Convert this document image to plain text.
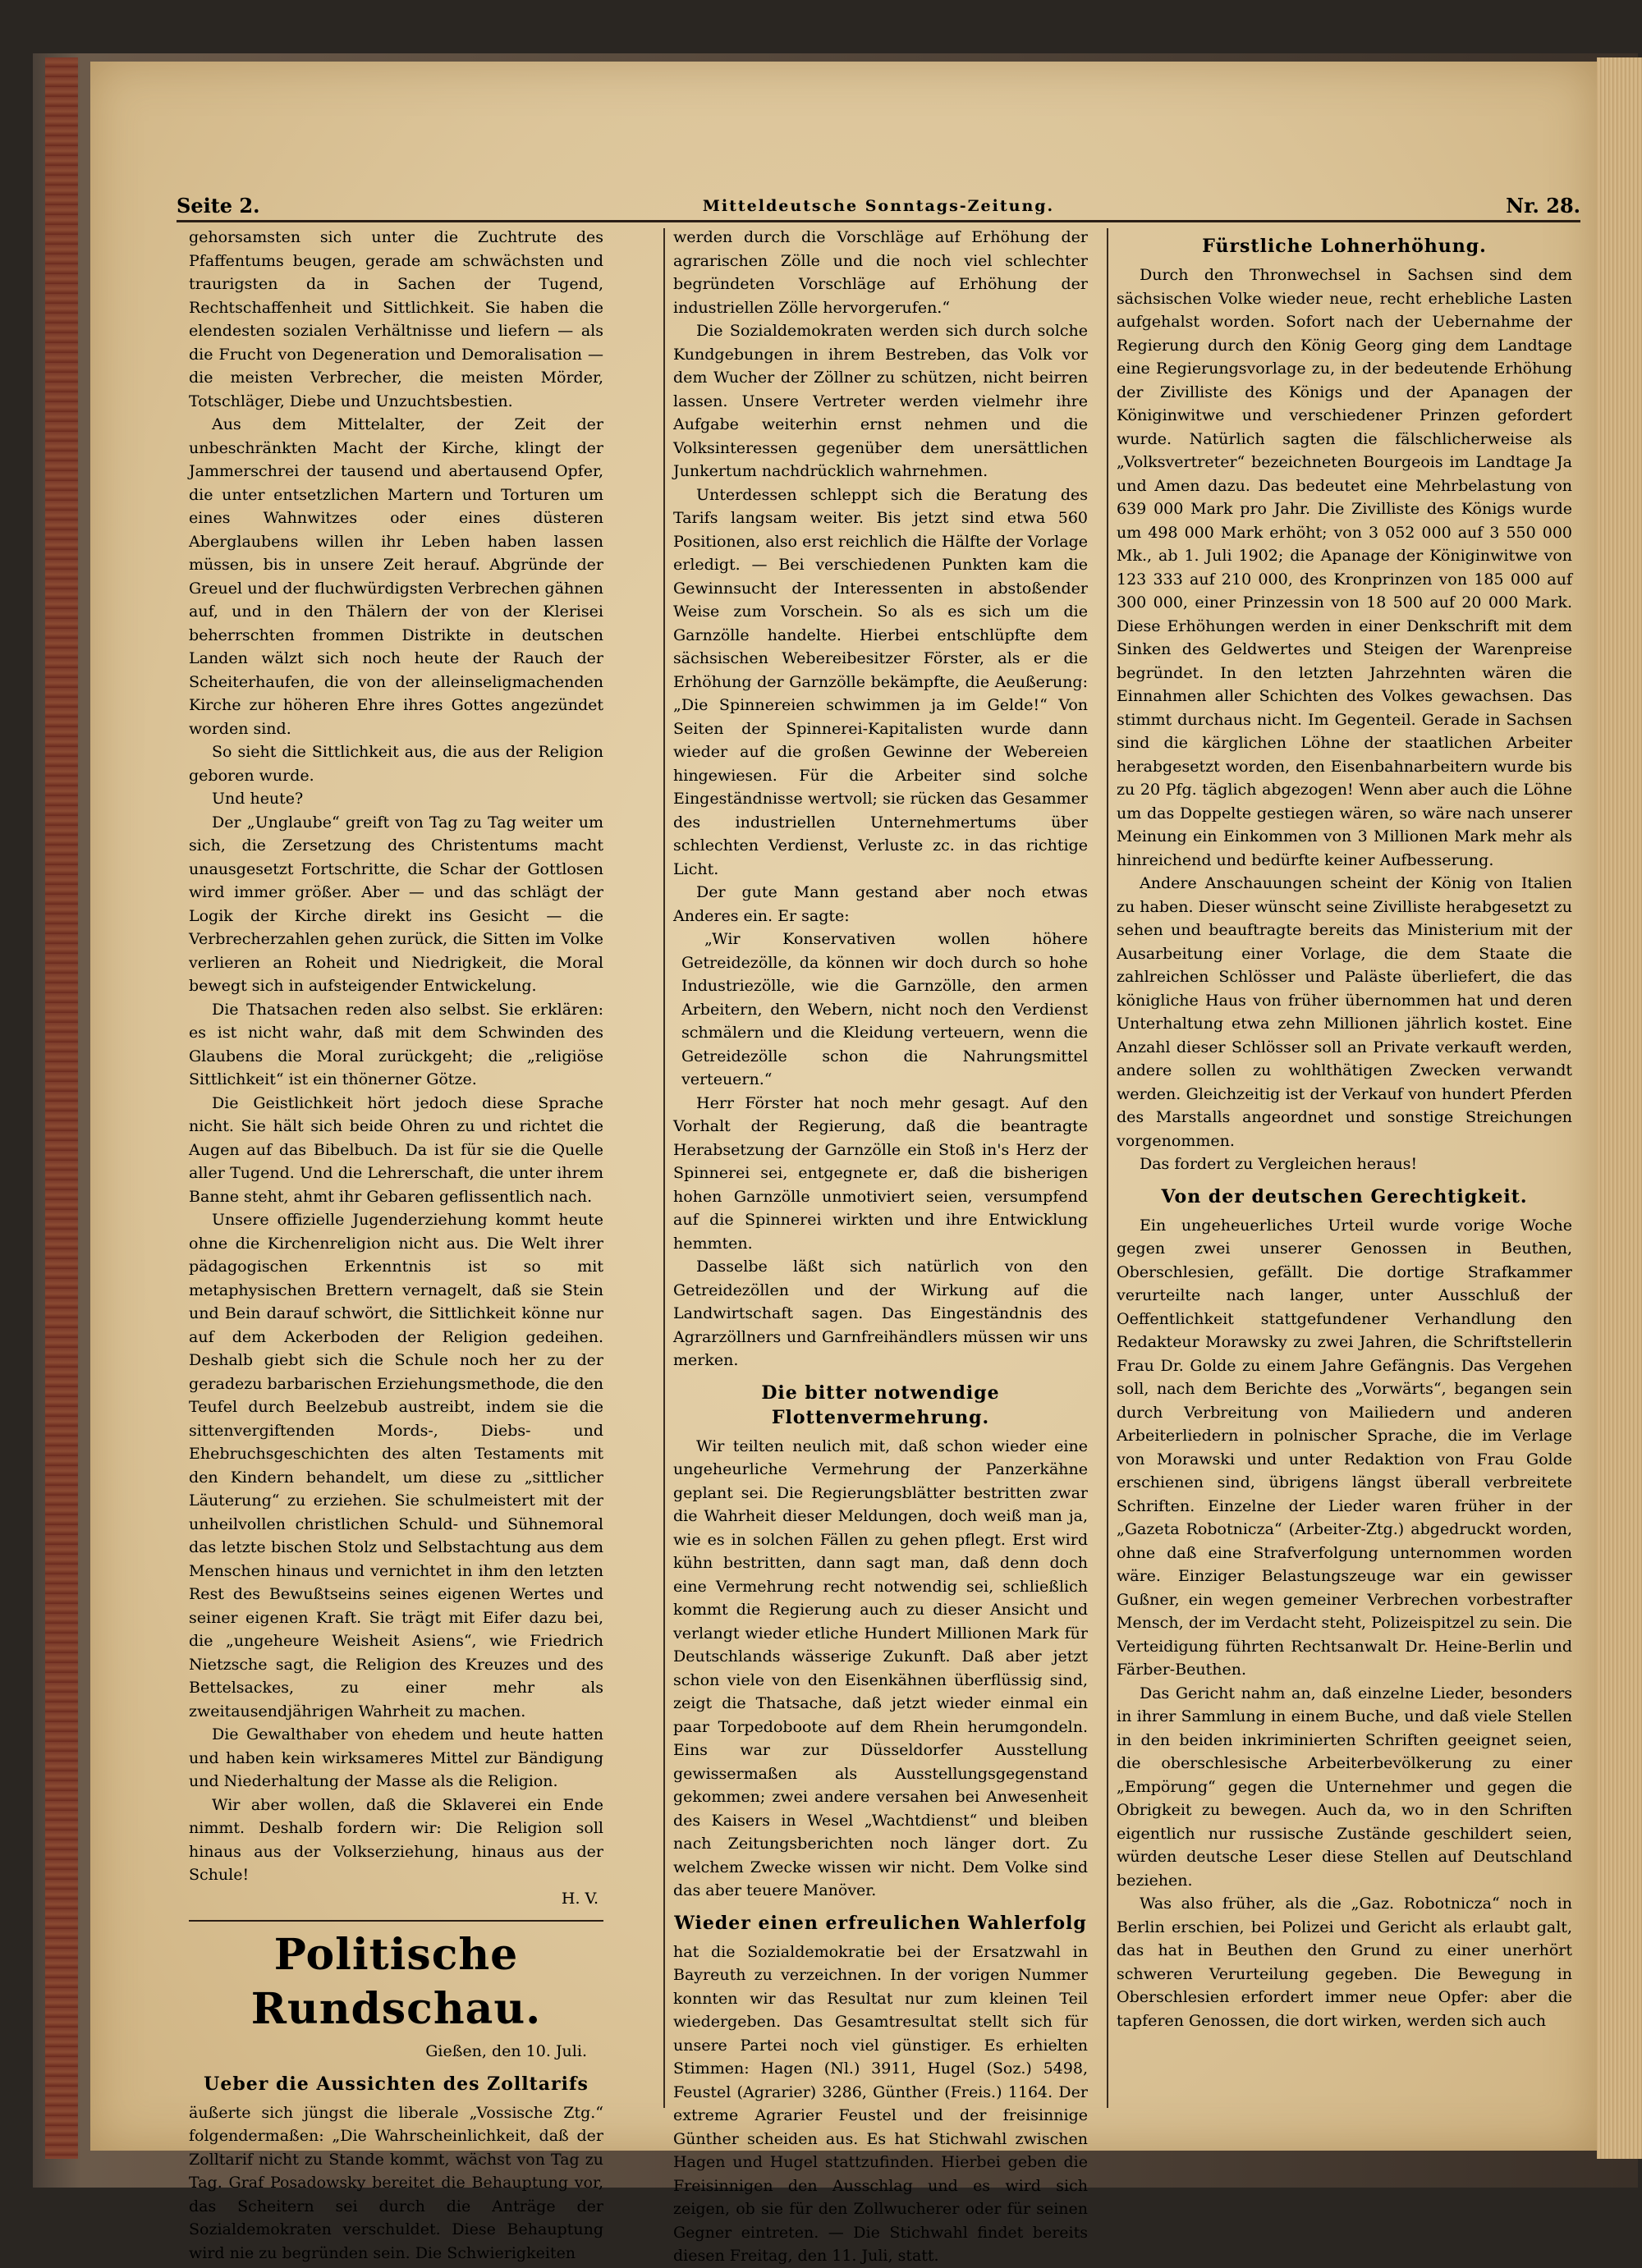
Seite 2.	Mitteldeutsche Sonntags-Zeitung.	Nr. 28.

gehorsamsten sich unter die Zuchtrute des Pfaffentums beugen, gerade am schwächsten und traurigsten da in Sachen der Tugend, Rechtschaffenheit und Sittlichkeit. Sie haben die elendesten sozialen Verhältnisse und liefern — als die Frucht von Degeneration und Demoralisation — die meisten Verbrecher, die meisten Mörder, Totschläger, Diebe und Unzuchtsbestien.

Aus dem Mittelalter, der Zeit der unbeschränkten Macht der Kirche, klingt der Jammerschrei der tausend und abertausend Opfer, die unter entsetzlichen Martern und Torturen um eines Wahnwitzes oder eines düsteren Aberglaubens willen ihr Leben haben lassen müssen, bis in unsere Zeit herauf. Abgründe der Greuel und der fluchwürdigsten Verbrechen gähnen auf, und in den Thälern der von der Klerisei beherrschten frommen Distrikte in deutschen Landen wälzt sich noch heute der Rauch der Scheiterhaufen, die von der alleinseligmachenden Kirche zur höheren Ehre ihres Gottes angezündet worden sind.

So sieht die Sittlichkeit aus, die aus der Religion geboren wurde.

Und heute?

Der „Unglaube“ greift von Tag zu Tag weiter um sich, die Zersetzung des Christentums macht unausgesetzt Fortschritte, die Schar der Gottlosen wird immer größer. Aber — und das schlägt der Logik der Kirche direkt ins Gesicht — die Verbrecherzahlen gehen zurück, die Sitten im Volke verlieren an Roheit und Niedrigkeit, die Moral bewegt sich in aufsteigender Entwickelung.

Die Thatsachen reden also selbst. Sie erklären: es ist nicht wahr, daß mit dem Schwinden des Glaubens die Moral zurückgeht; die „religiöse Sittlichkeit“ ist ein thönerner Götze.

Die Geistlichkeit hört jedoch diese Sprache nicht. Sie hält sich beide Ohren zu und richtet die Augen auf das Bibelbuch. Da ist für sie die Quelle aller Tugend. Und die Lehrerschaft, die unter ihrem Banne steht, ahmt ihr Gebaren geflissentlich nach.

Unsere offizielle Jugenderziehung kommt heute ohne die Kirchenreligion nicht aus. Die Welt ihrer pädagogischen Erkenntnis ist so mit metaphysischen Brettern vernagelt, daß sie Stein und Bein darauf schwört, die Sittlichkeit könne nur auf dem Ackerboden der Religion gedeihen. Deshalb giebt sich die Schule noch her zu der geradezu barbarischen Erziehungsmethode, die den Teufel durch Beelzebub austreibt, indem sie die sittenvergiftenden Mords-, Diebs- und Ehebruchsgeschichten des alten Testaments mit den Kindern behandelt, um diese zu „sittlicher Läuterung“ zu erziehen. Sie schulmeistert mit der unheilvollen christlichen Schuld- und Sühnemoral das letzte bischen Stolz und Selbstachtung aus dem Menschen hinaus und vernichtet in ihm den letzten Rest des Bewußtseins seines eigenen Wertes und seiner eigenen Kraft. Sie trägt mit Eifer dazu bei, die „ungeheure Weisheit Asiens“, wie Friedrich Nietzsche sagt, die Religion des Kreuzes und des Bettelsackes, zu einer mehr als zweitausendjährigen Wahrheit zu machen.

Die Gewalthaber von ehedem und heute hatten und haben kein wirksameres Mittel zur Bändigung und Niederhaltung der Masse als die Religion.

Wir aber wollen, daß die Sklaverei ein Ende nimmt. Deshalb fordern wir: Die Religion soll hinaus aus der Volkserziehung, hinaus aus der Schule!

H. V.

Politische Rundschau.

Gießen, den 10. Juli.

Ueber die Aussichten des Zolltarifs

äußerte sich jüngst die liberale „Vossische Ztg.“ folgendermaßen: „Die Wahrscheinlichkeit, daß der Zolltarif nicht zu Stande kommt, wächst von Tag zu Tag. Graf Posadowsky bereitet die Behauptung vor, das Scheitern sei durch die Anträge der Sozialdemokraten verschuldet. Diese Behauptung wird nie zu begründen sein. Die Schwierigkeiten

werden durch die Vorschläge auf Erhöhung der agrarischen Zölle und die noch viel schlechter begründeten Vorschläge auf Erhöhung der industriellen Zölle hervorgerufen.“

Die Sozialdemokraten werden sich durch solche Kundgebungen in ihrem Bestreben, das Volk vor dem Wucher der Zöllner zu schützen, nicht beirren lassen. Unsere Vertreter werden vielmehr ihre Aufgabe weiterhin ernst nehmen und die Volksinteressen gegenüber dem unersättlichen Junkertum nachdrücklich wahrnehmen.

Unterdessen schleppt sich die Beratung des Tarifs langsam weiter. Bis jetzt sind etwa 560 Positionen, also erst reichlich die Hälfte der Vorlage erledigt. — Bei verschiedenen Punkten kam die Gewinnsucht der Interessenten in abstoßender Weise zum Vorschein. So als es sich um die Garnzölle handelte. Hierbei entschlüpfte dem sächsischen Webereibesitzer Förster, als er die Erhöhung der Garnzölle bekämpfte, die Aeußerung: „Die Spinnereien schwimmen ja im Gelde!“ Von Seiten der Spinnerei-Kapitalisten wurde dann wieder auf die großen Gewinne der Webereien hingewiesen. Für die Arbeiter sind solche Eingeständnisse wertvoll; sie rücken das Gesammer des industriellen Unternehmertums über schlechten Verdienst, Verluste zc. in das richtige Licht.

Der gute Mann gestand aber noch etwas Anderes ein. Er sagte:

„Wir Konservativen wollen höhere Getreidezölle, da können wir doch durch so hohe Industriezölle, wie die Garnzölle, den armen Arbeitern, den Webern, nicht noch den Verdienst schmälern und die Kleidung verteuern, wenn die Getreidezölle schon die Nahrungsmittel verteuern.“

Herr Förster hat noch mehr gesagt. Auf den Vorhalt der Regierung, daß die beantragte Herabsetzung der Garnzölle ein Stoß in's Herz der Spinnerei sei, entgegnete er, daß die bisherigen hohen Garnzölle unmotiviert seien, versumpfend auf die Spinnerei wirkten und ihre Entwicklung hemmten.

Dasselbe läßt sich natürlich von den Getreidezöllen und der Wirkung auf die Landwirtschaft sagen. Das Eingeständnis des Agrarzöllners und Garnfreihändlers müssen wir uns merken.

Die bitter notwendige Flottenvermehrung.

Wir teilten neulich mit, daß schon wieder eine ungeheurliche Vermehrung der Panzerkähne geplant sei. Die Regierungsblätter bestritten zwar die Wahrheit dieser Meldungen, doch weiß man ja, wie es in solchen Fällen zu gehen pflegt. Erst wird kühn bestritten, dann sagt man, daß denn doch eine Vermehrung recht notwendig sei, schließlich kommt die Regierung auch zu dieser Ansicht und verlangt wieder etliche Hundert Millionen Mark für Deutschlands wässerige Zukunft. Daß aber jetzt schon viele von den Eisenkähnen überflüssig sind, zeigt die Thatsache, daß jetzt wieder einmal ein paar Torpedoboote auf dem Rhein herumgondeln. Eins war zur Düsseldorfer Ausstellung gewissermaßen als Ausstellungsgegenstand gekommen; zwei andere versahen bei Anwesenheit des Kaisers in Wesel „Wachtdienst“ und bleiben nach Zeitungsberichten noch länger dort. Zu welchem Zwecke wissen wir nicht. Dem Volke sind das aber teuere Manöver.

Wieder einen erfreulichen Wahlerfolg

hat die Sozialdemokratie bei der Ersatzwahl in Bayreuth zu verzeichnen. In der vorigen Nummer konnten wir das Resultat nur zum kleinen Teil wiedergeben. Das Gesamtresultat stellt sich für unsere Partei noch viel günstiger. Es erhielten Stimmen: Hagen (Nl.) 3911, Hugel (Soz.) 5498, Feustel (Agrarier) 3286, Günther (Freis.) 1164. Der extreme Agrarier Feustel und der freisinnige Günther scheiden aus. Es hat Stichwahl zwischen Hagen und Hugel stattzufinden. Hierbei geben die Freisinnigen den Ausschlag und es wird sich zeigen, ob sie für den Zollwucherer oder für seinen Gegner eintreten. — Die Stichwahl findet bereits diesen Freitag, den 11. Juli, statt.

Fürstliche Lohnerhöhung.

Durch den Thronwechsel in Sachsen sind dem sächsischen Volke wieder neue, recht erhebliche Lasten aufgehalst worden. Sofort nach der Uebernahme der Regierung durch den König Georg ging dem Landtage eine Regierungsvorlage zu, in der bedeutende Erhöhung der Zivilliste des Königs und der Apanagen der Königinwitwe und verschiedener Prinzen gefordert wurde. Natürlich sagten die fälschlicherweise als „Volksvertreter“ bezeichneten Bourgeois im Landtage Ja und Amen dazu. Das bedeutet eine Mehrbelastung von 639 000 Mark pro Jahr. Die Zivilliste des Königs wurde um 498 000 Mark erhöht; von 3 052 000 auf 3 550 000 Mk., ab 1. Juli 1902; die Apanage der Königinwitwe von 123 333 auf 210 000, des Kronprinzen von 185 000 auf 300 000, einer Prinzessin von 18 500 auf 20 000 Mark. Diese Erhöhungen werden in einer Denkschrift mit dem Sinken des Geldwertes und Steigen der Warenpreise begründet. In den letzten Jahrzehnten wären die Einnahmen aller Schichten des Volkes gewachsen. Das stimmt durchaus nicht. Im Gegenteil. Gerade in Sachsen sind die kärglichen Löhne der staatlichen Arbeiter herabgesetzt worden, den Eisenbahnarbeitern wurde bis zu 20 Pfg. täglich abgezogen! Wenn aber auch die Löhne um das Doppelte gestiegen wären, so wäre nach unserer Meinung ein Einkommen von 3 Millionen Mark mehr als hinreichend und bedürfte keiner Aufbesserung.

Andere Anschauungen scheint der König von Italien zu haben. Dieser wünscht seine Zivilliste herabgesetzt zu sehen und beauftragte bereits das Ministerium mit der Ausarbeitung einer Vorlage, die dem Staate die zahlreichen Schlösser und Paläste überliefert, die das königliche Haus von früher übernommen hat und deren Unterhaltung etwa zehn Millionen jährlich kostet. Eine Anzahl dieser Schlösser soll an Private verkauft werden, andere sollen zu wohlthätigen Zwecken verwandt werden. Gleichzeitig ist der Verkauf von hundert Pferden des Marstalls angeordnet und sonstige Streichungen vorgenommen.

Das fordert zu Vergleichen heraus!

Von der deutschen Gerechtigkeit.

Ein ungeheuerliches Urteil wurde vorige Woche gegen zwei unserer Genossen in Beuthen, Oberschlesien, gefällt. Die dortige Strafkammer verurteilte nach langer, unter Ausschluß der Oeffentlichkeit stattgefundener Verhandlung den Redakteur Morawsky zu zwei Jahren, die Schriftstellerin Frau Dr. Golde zu einem Jahre Gefängnis. Das Vergehen soll, nach dem Berichte des „Vorwärts“, begangen sein durch Verbreitung von Mailiedern und anderen Arbeiterliedern in polnischer Sprache, die im Verlage von Morawski und unter Redaktion von Frau Golde erschienen sind, übrigens längst überall verbreitete Schriften. Einzelne der Lieder waren früher in der „Gazeta Robotnicza“ (Arbeiter-Ztg.) abgedruckt worden, ohne daß eine Strafverfolgung unternommen worden wäre. Einziger Belastungszeuge war ein gewisser Gußner, ein wegen gemeiner Verbrechen vorbestrafter Mensch, der im Verdacht steht, Polizeispitzel zu sein. Die Verteidigung führten Rechtsanwalt Dr. Heine-Berlin und Färber-Beuthen.

Das Gericht nahm an, daß einzelne Lieder, besonders in ihrer Sammlung in einem Buche, und daß viele Stellen in den beiden inkriminierten Schriften geeignet seien, die oberschlesische Arbeiterbevölkerung zu einer „Empörung“ gegen die Unternehmer und gegen die Obrigkeit zu bewegen. Auch da, wo in den Schriften eigentlich nur russische Zustände geschildert seien, würden deutsche Leser diese Stellen auf Deutschland beziehen.

Was also früher, als die „Gaz. Robotnicza“ noch in Berlin erschien, bei Polizei und Gericht als erlaubt galt, das hat in Beuthen den Grund zu einer unerhört schweren Verurteilung gegeben. Die Bewegung in Oberschlesien erfordert immer neue Opfer: aber die tapferen Genossen, die dort wirken, werden sich auch
